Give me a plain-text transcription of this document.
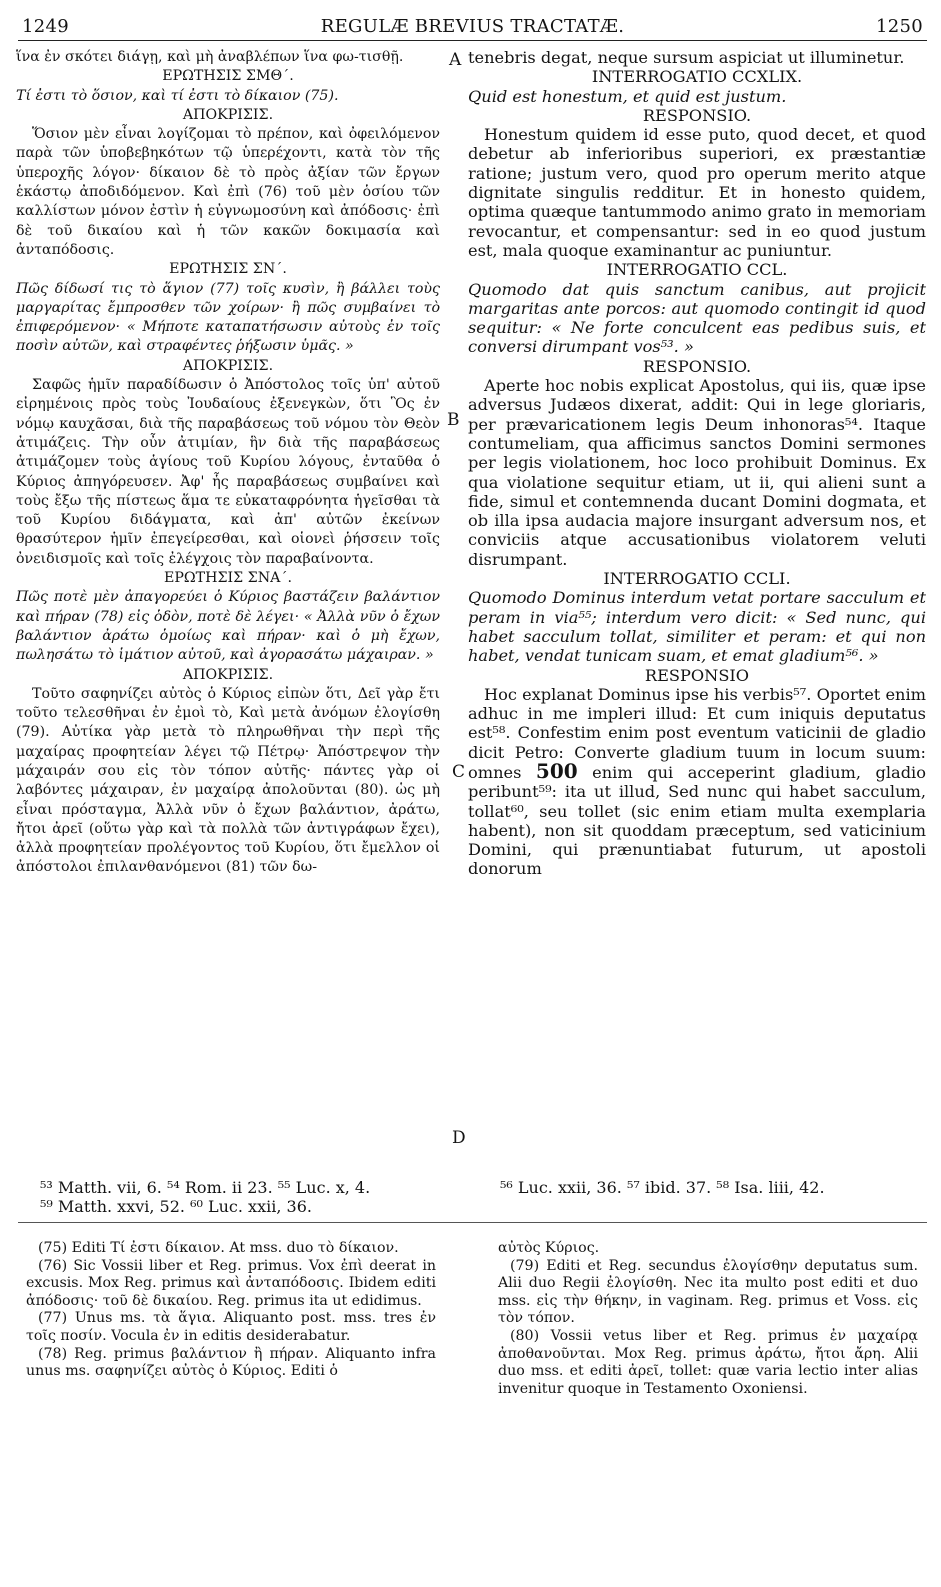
1249	REGULÆ BREVIUS TRACTATÆ.	1250

ἵνα ἐν σκότει διάγῃ, καὶ μὴ ἀναβλέπων ἵνα φω-τισθῇ.

ΕΡΩΤΗΣΙΣ ΣΜΘ´.

Τί ἐστι τὸ ὅσιον, καὶ τί ἐστι τὸ δίκαιον (75).

ΑΠΟΚΡΙΣΙΣ.

Ὅσιον μὲν εἶναι λογίζομαι τὸ πρέπον, καὶ ὀφειλόμενον παρὰ τῶν ὑποβεβηκότων τῷ ὑπερέχοντι, κατὰ τὸν τῆς ὑπεροχῆς λόγον· δίκαιον δὲ τὸ πρὸς ἀξίαν τῶν ἔργων ἑκάστῳ ἀποδιδόμενον. Καὶ ἐπὶ (76) τοῦ μὲν ὁσίου τῶν καλλίστων μόνον ἐστὶν ἡ εὐγνωμοσύνη καὶ ἀπόδοσις· ἐπὶ δὲ τοῦ δικαίου καὶ ἡ τῶν κακῶν δοκιμασία καὶ ἀνταπόδοσις.

ΕΡΩΤΗΣΙΣ ΣΝ´.

Πῶς δίδωσί τις τὸ ἅγιον (77) τοῖς κυσὶν, ἢ βάλλει τοὺς μαργαρίτας ἔμπροσθεν τῶν χοίρων· ἢ πῶς συμβαίνει τὸ ἐπιφερόμενον· « Μήποτε καταπατήσωσιν αὐτοὺς ἐν τοῖς ποσὶν αὐτῶν, καὶ στραφέντες ῥήξωσιν ὑμᾶς. »

ΑΠΟΚΡΙΣΙΣ.

Σαφῶς ἡμῖν παραδίδωσιν ὁ Ἀπόστολος τοῖς ὑπ' αὐτοῦ εἰρημένοις πρὸς τοὺς Ἰουδαίους ἐξενεγκὼν, ὅτι Ὃς ἐν νόμῳ καυχᾶσαι, διὰ τῆς παραβάσεως τοῦ νόμου τὸν Θεὸν ἀτιμάζεις. Τὴν οὖν ἀτιμίαν, ἣν διὰ τῆς παραβάσεως ἀτιμάζομεν τοὺς ἁγίους τοῦ Κυρίου λόγους, ἐνταῦθα ὁ Κύριος ἀπηγόρευσεν. Ἀφ' ἧς παραβάσεως συμβαίνει καὶ τοὺς ἔξω τῆς πίστεως ἅμα τε εὐκαταφρόνητα ἡγεῖσθαι τὰ τοῦ Κυρίου διδάγματα, καὶ ἀπ' αὐτῶν ἐκείνων θρασύτερον ἡμῖν ἐπεγείρεσθαι, καὶ οἱονεὶ ῥήσσειν τοῖς ὀνειδισμοῖς καὶ τοῖς ἐλέγχοις τὸν παραβαίνοντα.

ΕΡΩΤΗΣΙΣ ΣΝΑ´.

Πῶς ποτὲ μὲν ἀπαγορεύει ὁ Κύριος βαστάζειν βαλάντιον καὶ πήραν (78) εἰς ὁδὸν, ποτὲ δὲ λέγει· « Ἀλλὰ νῦν ὁ ἔχων βαλάντιον ἀράτω ὁμοίως καὶ πήραν· καὶ ὁ μὴ ἔχων, πωλησάτω τὸ ἱμάτιον αὐτοῦ, καὶ ἀγορασάτω μάχαιραν. »

ΑΠΟΚΡΙΣΙΣ.

Τοῦτο σαφηνίζει αὐτὸς ὁ Κύριος εἰπὼν ὅτι, Δεῖ γὰρ ἔτι τοῦτο τελεσθῆναι ἐν ἐμοὶ τὸ, Καὶ μετὰ ἀνόμων ἐλογίσθη (79). Αὐτίκα γὰρ μετὰ τὸ πληρωθῆναι τὴν περὶ τῆς μαχαίρας προφητείαν λέγει τῷ Πέτρῳ· Ἀπόστρεψον τὴν μάχαιράν σου εἰς τὸν τόπον αὐτῆς· πάντες γὰρ οἱ λαβόντες μάχαιραν, ἐν μαχαίρᾳ ἀπολοῦνται (80). ὡς μὴ εἶναι πρόσταγμα, Ἀλλὰ νῦν ὁ ἔχων βαλάντιον, ἀράτω, ἤτοι ἀρεῖ (οὕτω γὰρ καὶ τὰ πολλὰ τῶν ἀντιγράφων ἔχει), ἀλλὰ προφητείαν προλέγοντος τοῦ Κυρίου, ὅτι ἔμελλον οἱ ἀπόστολοι ἐπιλανθανόμενοι (81) τῶν δω-

tenebris degat, neque sursum aspiciat ut illuminetur.

INTERROGATIO CCXLIX.

Quid est honestum, et quid est justum.

RESPONSIO.

Honestum quidem id esse puto, quod decet, et quod debetur ab inferioribus superiori, ex præstantiæ ratione; justum vero, quod pro operum merito atque dignitate singulis redditur. Et in honesto quidem, optima quæque tantummodo animo grato in memoriam revocantur, et compensantur: sed in eo quod justum est, mala quoque examinantur ac puniuntur.

INTERROGATIO CCL.

Quomodo dat quis sanctum canibus, aut projicit margaritas ante porcos: aut quomodo contingit id quod sequitur: « Ne forte conculcent eas pedibus suis, et conversi dirumpant vos⁵³. »

RESPONSIO.

Aperte hoc nobis explicat Apostolus, qui iis, quæ ipse adversus Judæos dixerat, addit: Qui in lege gloriaris, per prævaricationem legis Deum inhonoras⁵⁴. Itaque contumeliam, qua afficimus sanctos Domini sermones per legis violationem, hoc loco prohibuit Dominus. Ex qua violatione sequitur etiam, ut ii, qui alieni sunt a fide, simul et contemnenda ducant Domini dogmata, et ob illa ipsa audacia majore insurgant adversum nos, et conviciis atque accusationibus violatorem veluti disrumpant.

INTERROGATIO CCLI.

Quomodo Dominus interdum vetat portare sacculum et peram in via⁵⁵; interdum vero dicit: « Sed nunc, qui habet sacculum tollat, similiter et peram: et qui non habet, vendat tunicam suam, et emat gladium⁵⁶. »

RESPONSIO

Hoc explanat Dominus ipse his verbis⁵⁷. Oportet enim adhuc in me impleri illud: Et cum iniquis deputatus est⁵⁸. Confestim enim post eventum vaticinii de gladio dicit Petro: Converte gladium tuum in locum suum: omnes 500 enim qui acceperint gladium, gladio peribunt⁵⁹: ita ut illud, Sed nunc qui habet sacculum, tollat⁶⁰, seu tollet (sic enim etiam multa exemplaria habent), non sit quoddam præceptum, sed vaticinium Domini, qui prænuntiabat futurum, ut apostoli donorum

A
B
C
D
⁵³ Matth. vii, 6. ⁵⁴ Rom. ii 23. ⁵⁵ Luc. x, 4.
⁵⁹ Matth. xxvi, 52. ⁶⁰ Luc. xxii, 36.
⁵⁶ Luc. xxii, 36. ⁵⁷ ibid. 37. ⁵⁸ Isa. liii, 42.

(75) Editi Τί ἐστι δίκαιον. At mss. duo τὸ δίκαιον.

(76) Sic Vossii liber et Reg. primus. Vox ἐπὶ deerat in excusis. Mox Reg. primus καὶ ἀνταπόδοσις. Ibidem editi ἀπόδοσις· τοῦ δὲ δικαίου. Reg. primus ita ut edidimus.

(77) Unus ms. τὰ ἅγια. Aliquanto post. mss. tres ἐν τοῖς ποσίν. Vocula ἐν in editis desiderabatur.

(78) Reg. primus βαλάντιον ἢ πήραν. Aliquanto infra unus ms. σαφηνίζει αὐτὸς ὁ Κύριος. Editi ὁ

αὐτὸς Κύριος.

(79) Editi et Reg. secundus ἐλογίσθην deputatus sum. Alii duo Regii ἐλογίσθη. Nec ita multo post editi et duo mss. εἰς τὴν θήκην, in vaginam. Reg. primus et Voss. εἰς τὸν τόπον.

(80) Vossii vetus liber et Reg. primus ἐν μαχαίρᾳ ἀποθανοῦνται. Mox Reg. primus ἀράτω, ἤτοι ἄρη. Alii duo mss. et editi ἀρεῖ, tollet: quæ varia lectio inter alias invenitur quoque in Testamento Oxoniensi.
